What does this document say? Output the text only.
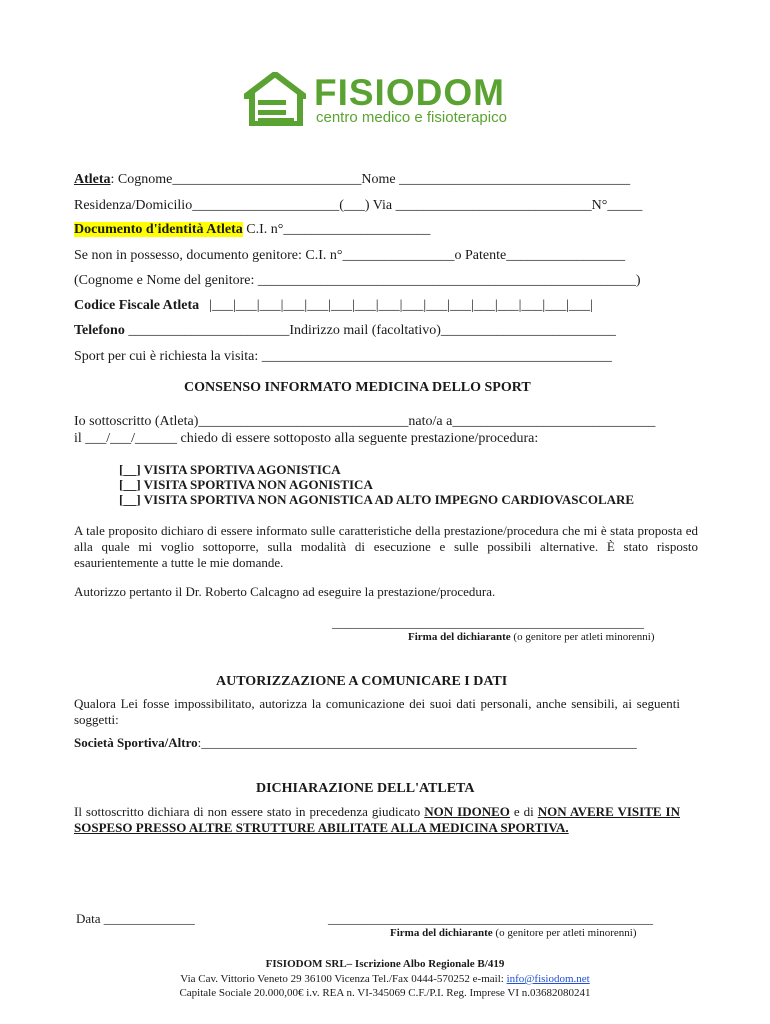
FISIODOM
centro medico e fisioterapico
Atleta: Cognome___________________________Nome _________________________________
Residenza/Domicilio_____________________(___) Via ____________________________N°_____
Documento d'identità Atleta C.I. n°_____________________
Se non in possesso, documento genitore: C.I. n°________________o Patente_________________
(Cognome e Nome del genitore: ______________________________________________________)
Codice Fiscale Atleta |___|___|___|___|___|___|___|___|___|___|___|___|___|___|___|___|
Telefono _______________________Indirizzo mail (facoltativo)_________________________
Sport per cui è richiesta la visita: __________________________________________________
CONSENSO INFORMATO MEDICINA DELLO SPORT
Io sottoscritto (Atleta)______________________________nato/a a_____________________________
il ___/___/______ chiedo di essere sottoposto alla seguente prestazione/procedura:
[__] VISITA SPORTIVA AGONISTICA
[__] VISITA SPORTIVA NON AGONISTICA
[__] VISITA SPORTIVA NON AGONISTICA AD ALTO IMPEGNO CARDIOVASCOLARE
A tale proposito dichiaro di essere informato sulle caratteristiche della prestazione/procedura che mi è stata proposta ed alla quale mi voglio sottoporre, sulla modalità di esecuzione e sulle possibili alternative. È stato risposto esaurientemente a tutte le mie domande.
Autorizzo pertanto il Dr. Roberto Calcagno ad eseguire la prestazione/procedura.
________________________________________________
Firma del dichiarante (o genitore per atleti minorenni)
AUTORIZZAZIONE A COMUNICARE I DATI
Qualora Lei fosse impossibilitato, autorizza la comunicazione dei suoi dati personali, anche sensibili, ai seguenti soggetti:
Società Sportiva/Altro:___________________________________________________________________
DICHIARAZIONE DELL'ATLETA
Il sottoscritto dichiara di non essere stato in precedenza giudicato NON IDONEO e di NON AVERE VISITE IN SOSPESO PRESSO ALTRE STRUTTURE ABILITATE ALLA MEDICINA SPORTIVA.
Data ______________	__________________________________________________
Firma del dichiarante (o genitore per atleti minorenni)
FISIODOM SRL– Iscrizione Albo Regionale B/419
Via Cav. Vittorio Veneto 29 36100 Vicenza Tel./Fax 0444-570252 e-mail: info@fisiodom.net
Capitale Sociale 20.000,00€ i.v. REA n. VI-345069 C.F./P.I. Reg. Imprese VI n.03682080241
